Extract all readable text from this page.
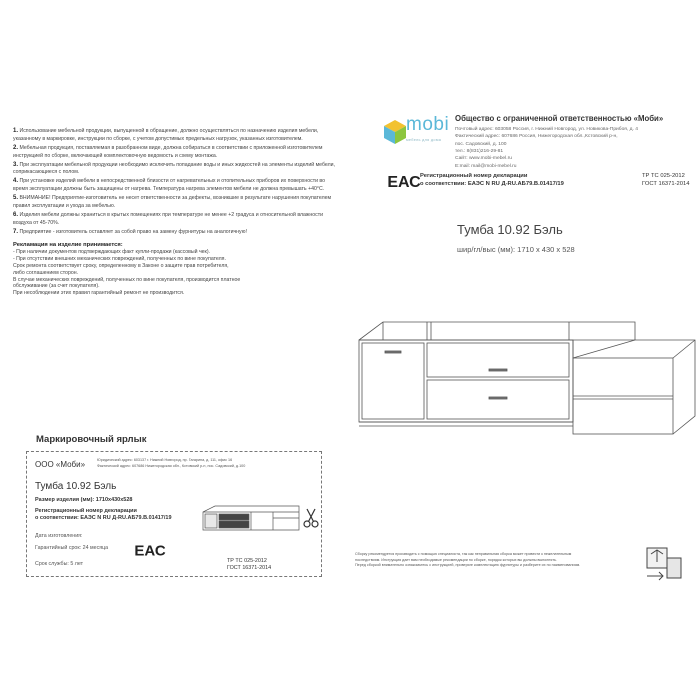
1. Использование мебельной продукции, выпущенной в обращение, должно осуществляться по назначению изделия мебели, указанному в маркировке, инструкции по сборке, с учетом допустимых предельных нагрузок, указанных изготовителем.

2. Мебельная продукция, поставляемая в разобранном виде, должна собираться в соответствии с приложенной изготовителем инструкцией по сборке, включающей комплектовочную ведомость и схему монтажа.

3. При эксплуатации мебельной продукции необходимо исключить попадание воды и иных жидкостей на элементы изделий мебели, соприкасающиеся с полом.

4. При установке изделий мебели в непосредственной близости от нагревательных и отопительных приборов их поверхности во время эксплуатации должны быть защищены от нагрева. Температура нагрева элементов мебели не должна превышать +40°С.

5. ВНИМАНИЕ! Предприятие-изготовитель не несет ответственности за дефекты, возникшие в результате нарушения покупателем правил эксплуатации и ухода за мебелью.

6. Изделия мебели должны храниться в крытых помещениях при температуре не менее +2 градуса и относительной влажности воздуха от 45-70%.

7. Предприятие - изготовитель оставляет за собой право на замену фурнитуры на аналогичную!

Рекламация на изделие принимается:

- При наличии документов подтверждающих факт купли-продажи (кассовый чек).

- При отсутствии внешних механических повреждений, полученных по вине покупателя.

Срок ремонта соответствует сроку, определенному в Законе о защите прав потребителя,

либо соглашением сторон.

В случае механических повреждений, полученных по вине покупателя, производится платное

обслуживание (за счет покупателя).

При несоблюдении этих правил гарантийный ремонт не производится.

Маркировочный ярлык
ООО «Моби»	Юридический адрес: 603137 г. Нижний Новгород, пр. Гагарина, д. 111, офис 16
Фактический адрес: 607686 Нижегородская обл., Кстовский р-н, пос. Садовский, д.100
Тумба 10.92 Бэль
Размер изделия (мм): 1710х430х528
Регистрационный номер декларации
о соответствии: ЕАЭС N RU Д-RU.АБ79.В.01417/19
Дата изготовления:
Гарантийный срок: 24 месяца
Срок службы: 5 лет
ЕАС
ТР ТС 025-2012
ГОСТ 16371-2014
mobi
мебель для дома
Общество с ограниченной ответственностью «Моби»
Почтовый адрес: 603058 Россия, г. Нижний Новгород, ул. Новикова-Прибоя, д. 4
Фактический адрес: 607686 Россия, Нижегородская обл.,Кстовский р-н,
пос. Садовский, д. 100
тел.: 8(831)216-29-81
Сайт: www.mobi-mebel.ru
E:mail: mail@mobi-mebel.ru
ЕАС Регистрационный номер декларации
о соответствии: ЕАЭС N RU Д-RU.АБ79.В.01417/19
ТР ТС 025-2012
ГОСТ 16371-2014
Тумба 10.92 Бэль
шир/гл/выс (мм): 1710 х 430 х 528
Сборку рекомендуется производить с помощью специалиста, так как неправильная сборка может привести к нежелательным
последствиям. Инструкция дает вам необходимые рекомендации по сборке, порядок которых вы должны выполнять.
Перед сборкой внимательно ознакомьтесь с инструкцией, проверьте комплектацию фурнитуры и разберите их по наименованиям.
